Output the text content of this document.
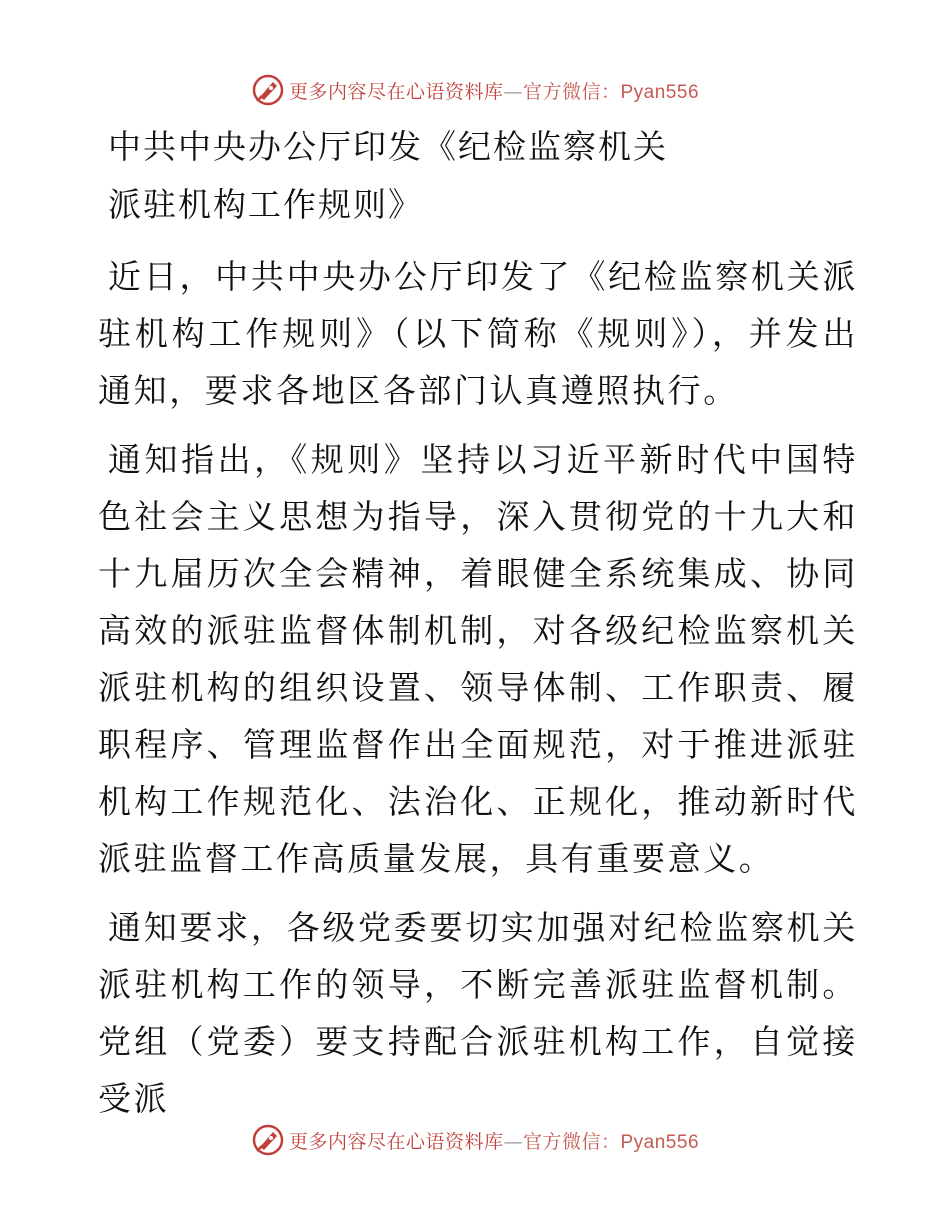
更多内容尽在心语资料库—官方微信：Pyan556
中共中央办公厅印发《纪检监察机关
派驻机构工作规则》

近日，中共中央办公厅印发了《纪检监察机关派驻机构工作规则》（以下简称《规则》），并发出通知，要求各地区各部门认真遵照执行。

通知指出，《规则》坚持以习近平新时代中国特色社会主义思想为指导，深入贯彻党的十九大和十九届历次全会精神，着眼健全系统集成、协同高效的派驻监督体制机制，对各级纪检监察机关派驻机构的组织设置、领导体制、工作职责、履职程序、管理监督作出全面规范，对于推进派驻机构工作规范化、法治化、正规化，推动新时代派驻监督工作高质量发展，具有重要意义。

通知要求，各级党委要切实加强对纪检监察机关派驻机构工作的领导，不断完善派驻监督机制。党组（党委）要支持配合派驻机构工作，自觉接受派

更多内容尽在心语资料库—官方微信：Pyan556
